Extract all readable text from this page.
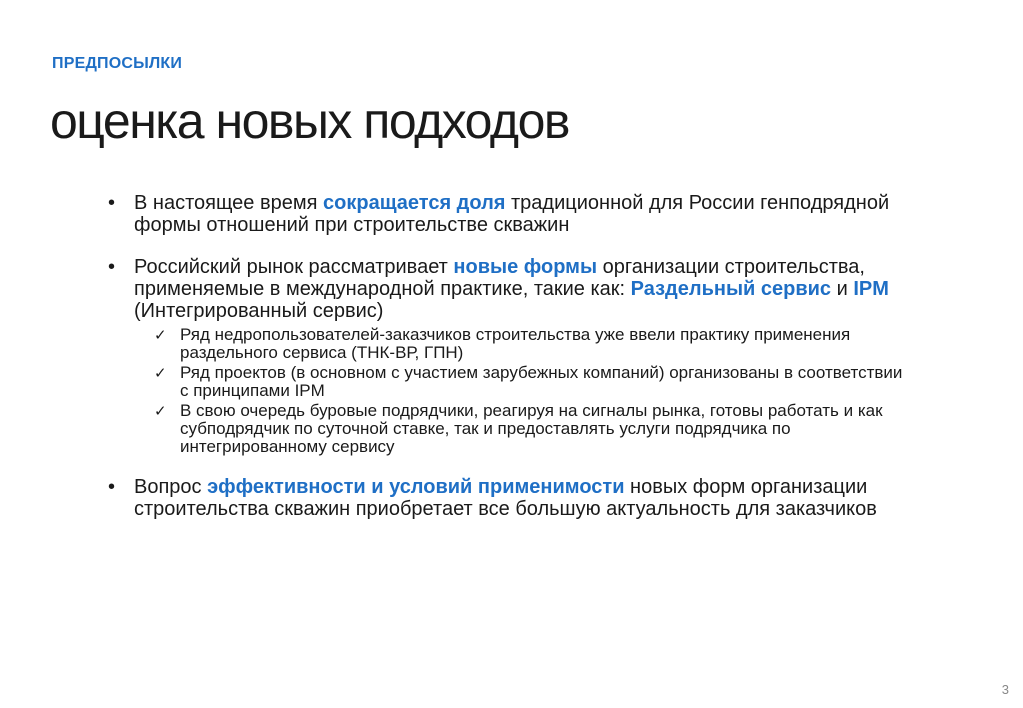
ПРЕДПОСЫЛКИ
оценка новых подходов
• В настоящее время сокращается доля традиционной для России генподрядной формы отношений при строительстве скважин
• Российский рынок рассматривает новые формы организации строительства, применяемые в международной практике, такие как: Раздельный сервис и IPM (Интегрированный сервис)
✓ Ряд недропользователей-заказчиков строительства уже ввели практику применения раздельного сервиса (ТНК-ВР, ГПН)
✓ Ряд проектов (в основном с участием зарубежных компаний) организованы в соответствии с принципами IPM
✓ В свою очередь буровые подрядчики, реагируя на сигналы рынка, готовы работать и как субподрядчик по суточной ставке, так и предоставлять услуги подрядчика по интегрированному сервису
• Вопрос эффективности и условий применимости новых форм организации строительства скважин приобретает все большую актуальность для заказчиков
3
